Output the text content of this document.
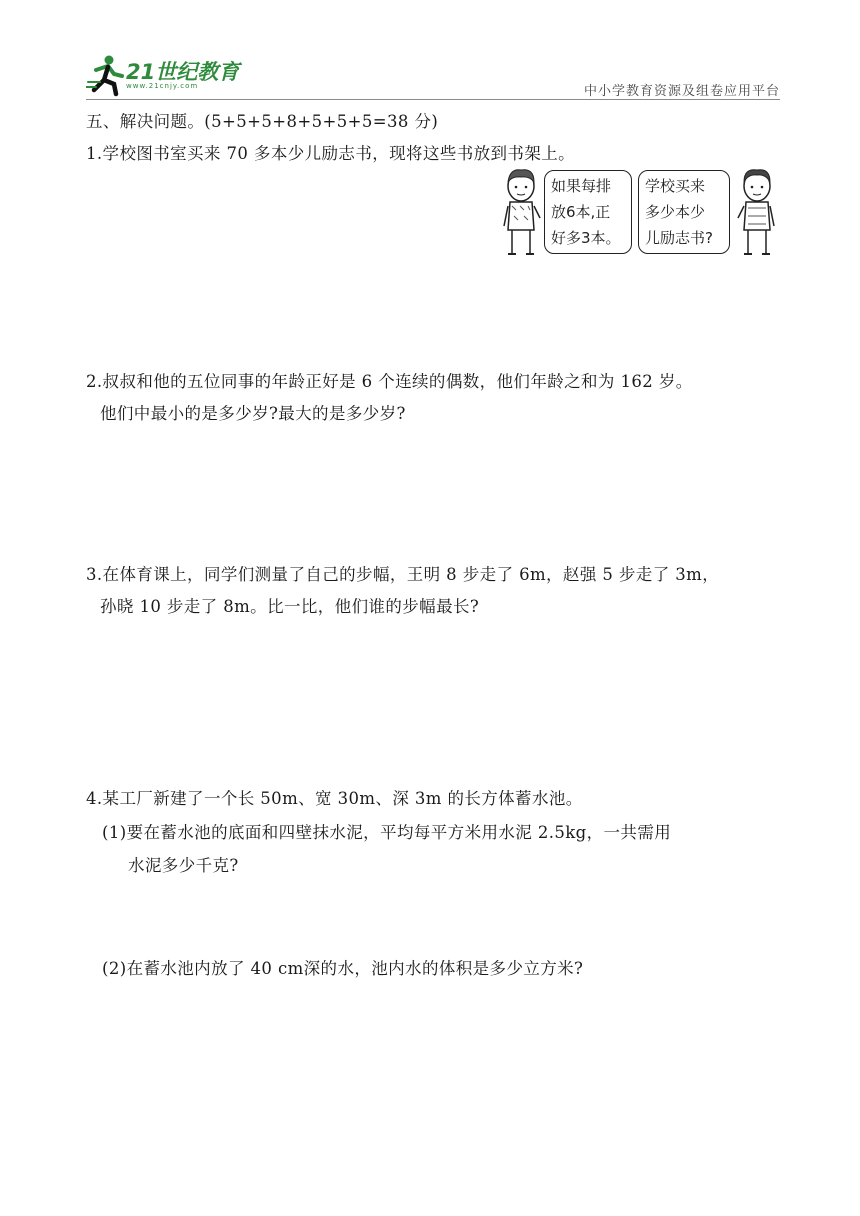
21世纪教育
www.21cnjy.com	中小学教育资源及组卷应用平台
五、解决问题。(5+5+5+8+5+5+5=38 分)
1.学校图书室买来 70 多本少儿励志书，现将这些书放到书架上。
如果每排
放6本,正
好多3本。
学校买来
多少本少
儿励志书?
2.叔叔和他的五位同事的年龄正好是 6 个连续的偶数，他们年龄之和为 162 岁。
他们中最小的是多少岁?最大的是多少岁?
3.在体育课上，同学们测量了自己的步幅，王明 8 步走了 6m，赵强 5 步走了 3m，
孙晓 10 步走了 8m。比一比，他们谁的步幅最长?
4.某工厂新建了一个长 50m、宽 30m、深 3m 的长方体蓄水池。
(1)要在蓄水池的底面和四壁抹水泥，平均每平方米用水泥 2.5kg，一共需用
水泥多少千克?
(2)在蓄水池内放了 40 cm深的水，池内水的体积是多少立方米?
